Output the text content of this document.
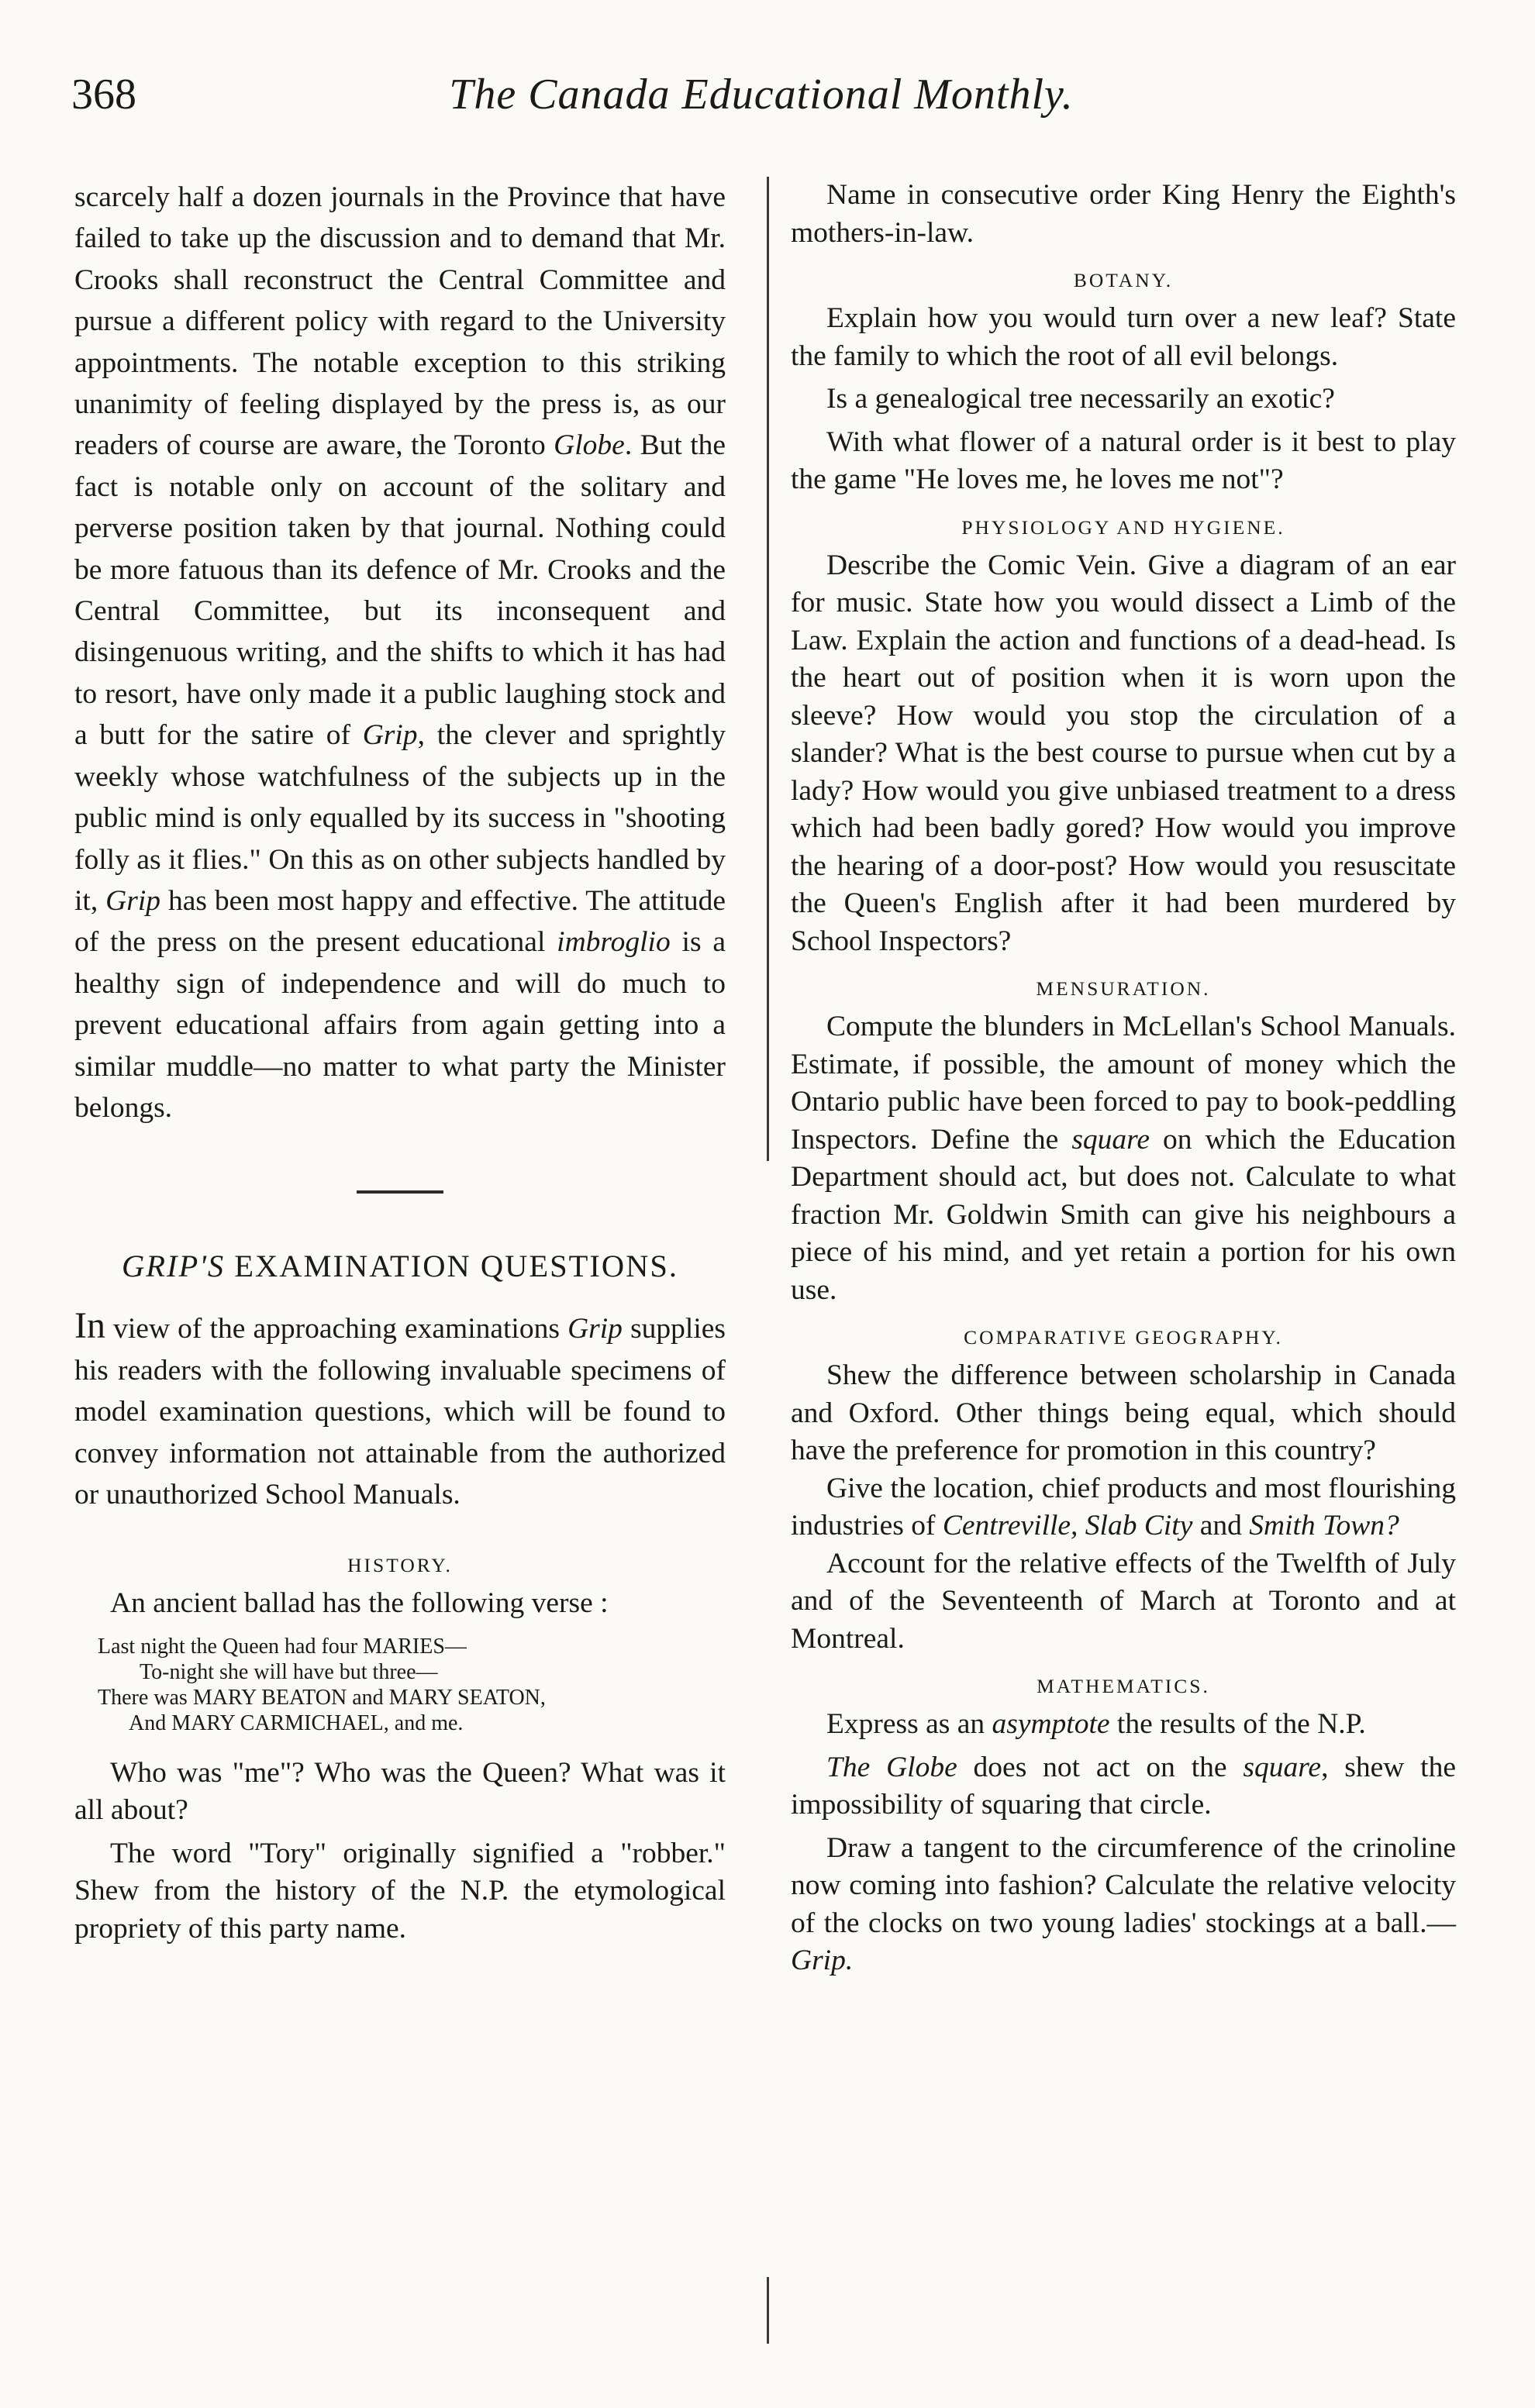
368	The Canada Educational Monthly.

scarcely half a dozen journals in the Province that have failed to take up the discussion and to demand that Mr. Crooks shall reconstruct the Central Committee and pursue a different policy with regard to the University appointments. The notable exception to this striking unanimity of feeling displayed by the press is, as our readers of course are aware, the Toronto Globe. But the fact is notable only on account of the solitary and perverse position taken by that journal. Nothing could be more fatuous than its defence of Mr. Crooks and the Central Committee, but its inconsequent and disingenuous writing, and the shifts to which it has had to resort, have only made it a public laughing stock and a butt for the satire of Grip, the clever and sprightly weekly whose watchfulness of the subjects up in the public mind is only equalled by its success in "shooting folly as it flies." On this as on other subjects handled by it, Grip has been most happy and effective. The attitude of the press on the present educational imbroglio is a healthy sign of independence and will do much to prevent educational affairs from again getting into a similar muddle—no matter to what party the Minister belongs.

GRIP'S EXAMINATION QUESTIONS.

In view of the approaching examinations Grip supplies his readers with the following invaluable specimens of model examination questions, which will be found to convey information not attainable from the authorized or unauthorized School Manuals.

HISTORY.

An ancient ballad has the following verse :

Last night the Queen had four MARIES—
To-night she will have but three—
There was MARY BEATON and MARY SEATON,
And MARY CARMICHAEL, and me.

Who was "me"? Who was the Queen? What was it all about?

The word "Tory" originally signified a "robber." Shew from the history of the N.P. the etymological propriety of this party name.

Name in consecutive order King Henry the Eighth's mothers-in-law.

BOTANY.

Explain how you would turn over a new leaf? State the family to which the root of all evil belongs.

Is a genealogical tree necessarily an exotic?

With what flower of a natural order is it best to play the game "He loves me, he loves me not"?

PHYSIOLOGY AND HYGIENE.

Describe the Comic Vein. Give a diagram of an ear for music. State how you would dissect a Limb of the Law. Explain the action and functions of a dead-head. Is the heart out of position when it is worn upon the sleeve? How would you stop the circulation of a slander? What is the best course to pursue when cut by a lady? How would you give unbiased treatment to a dress which had been badly gored? How would you improve the hearing of a door-post? How would you resuscitate the Queen's English after it had been murdered by School Inspectors?

MENSURATION.

Compute the blunders in McLellan's School Manuals. Estimate, if possible, the amount of money which the Ontario public have been forced to pay to book-peddling Inspectors. Define the square on which the Education Department should act, but does not. Calculate to what fraction Mr. Goldwin Smith can give his neighbours a piece of his mind, and yet retain a portion for his own use.

COMPARATIVE GEOGRAPHY.

Shew the difference between scholarship in Canada and Oxford. Other things being equal, which should have the preference for promotion in this country?

Give the location, chief products and most flourishing industries of Centreville, Slab City and Smith Town?

Account for the relative effects of the Twelfth of July and of the Seventeenth of March at Toronto and at Montreal.

MATHEMATICS.

Express as an asymptote the results of the N.P.

The Globe does not act on the square, shew the impossibility of squaring that circle.

Draw a tangent to the circumference of the crinoline now coming into fashion? Calculate the relative velocity of the clocks on two young ladies' stockings at a ball.—Grip.
